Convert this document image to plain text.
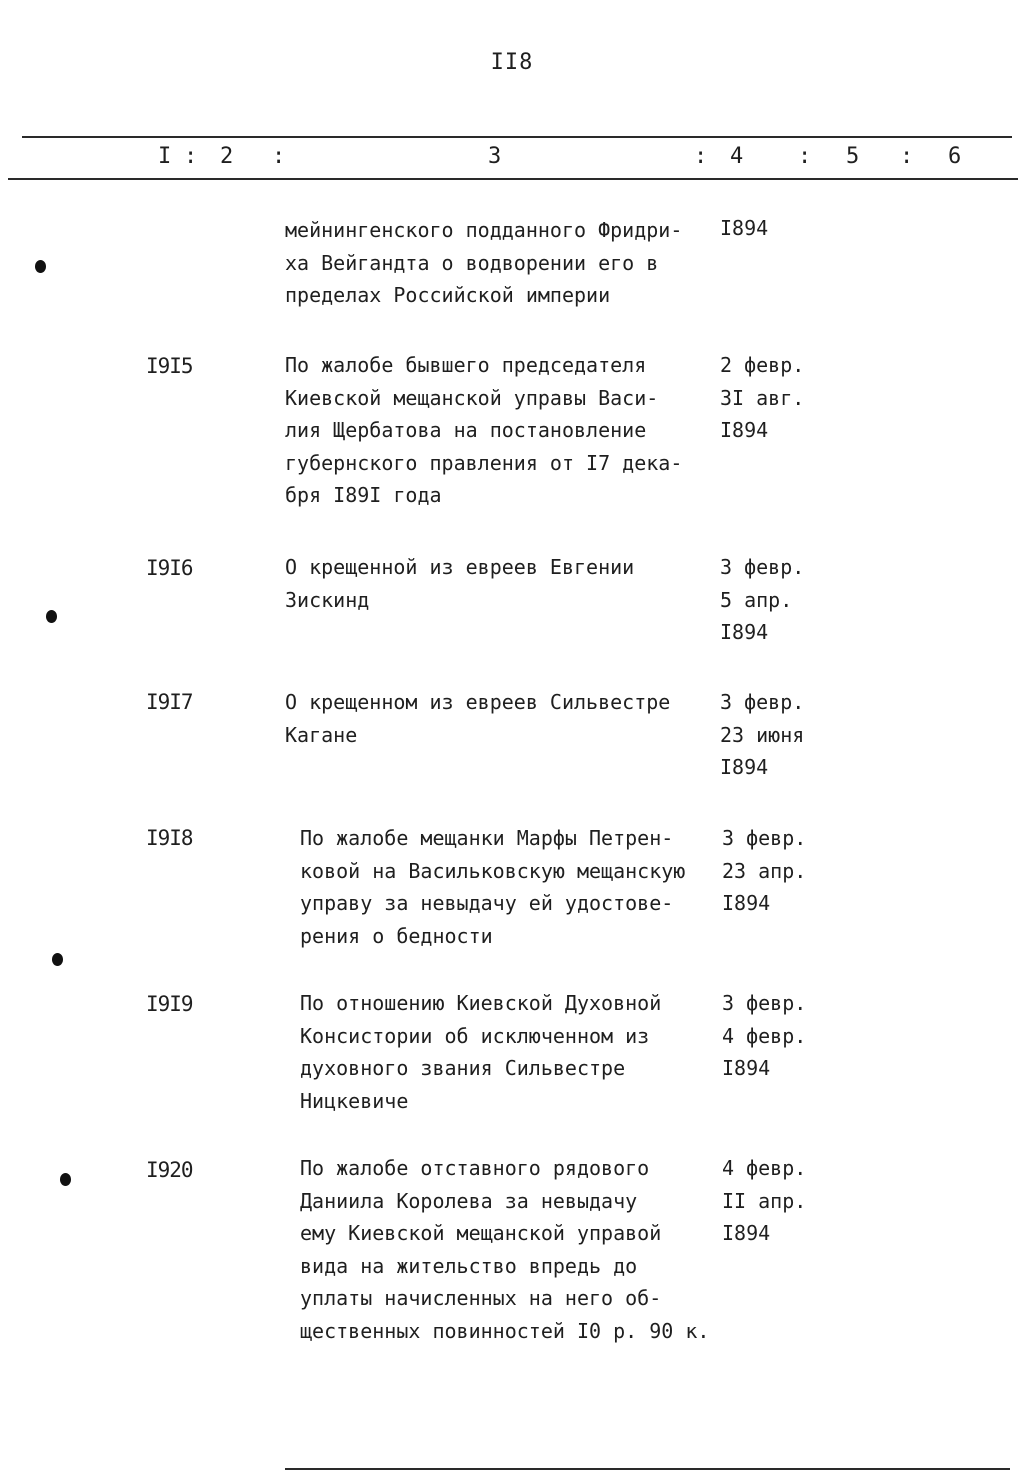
II8
I : 2 :	3	: 4 : 5 : 6
мейнингенского подданного Фридри-
ха Вейгандта о водворении его в
пределах Российской империи
I894
I9I5	По жалобе бывшего председателя
Киевской мещанской управы Васи-
лия Щербатова на постановление
губернского правления от I7 дека-
бря I89I года
2 февр.
3I авг.
I894
I9I6	О крещенной из евреев Евгении
Зискинд
3 февр.
5 апр.
I894
I9I7	О крещенном из евреев Сильвестре
Кагане
3 февр.
23 июня
I894
I9I8	По жалобе мещанки Марфы Петрен-
ковой на Васильковскую мещанскую
управу за невыдачу ей удостове-
рения о бедности
3 февр.
23 апр.
I894
I9I9	По отношению Киевской Духовной
Консистории об исключенном из
духовного звания Сильвестре
Ницкевиче
3 февр.
4 февр.
I894
I920	По жалобе отставного рядового
Даниила Королева за невыдачу
ему Киевской мещанской управой
вида на жительство впредь до
уплаты начисленных на него об-
щественных повинностей I0 р. 90 к.
4 февр.
II апр.
I894
